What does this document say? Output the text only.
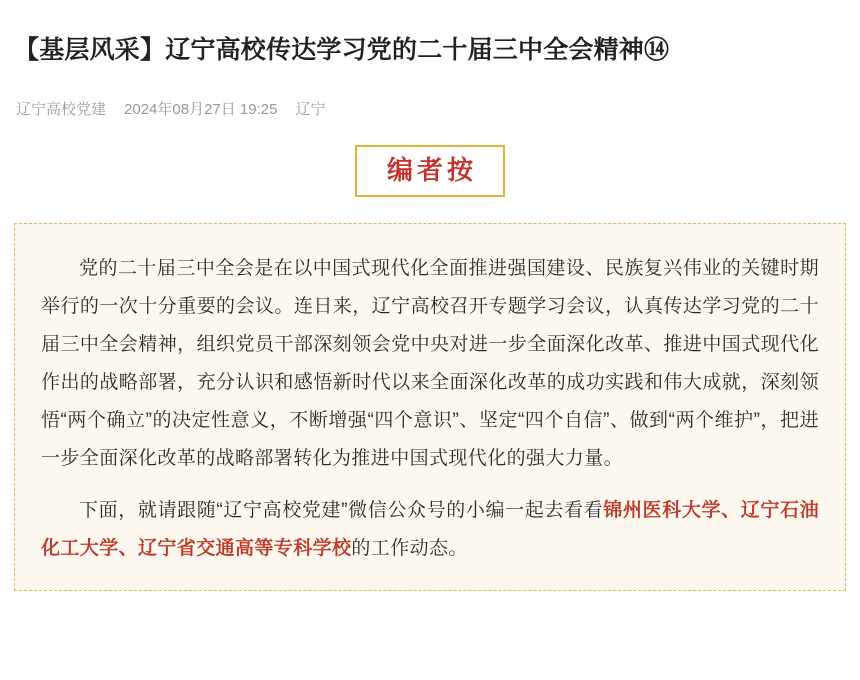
【基层风采】辽宁高校传达学习党的二十届三中全会精神⑭
辽宁高校党建 2024年08月27日 19:25 辽宁
编者按

党的二十届三中全会是在以中国式现代化全面推进强国建设、民族复兴伟业的关键时期举行的一次十分重要的会议。连日来，辽宁高校召开专题学习会议，认真传达学习党的二十届三中全会精神，组织党员干部深刻领会党中央对进一步全面深化改革、推进中国式现代化作出的战略部署，充分认识和感悟新时代以来全面深化改革的成功实践和伟大成就，深刻领悟“两个确立”的决定性意义，不断增强“四个意识”、坚定“四个自信”、做到“两个维护”，把进一步全面深化改革的战略部署转化为推进中国式现代化的强大力量。

下面，就请跟随“辽宁高校党建”微信公众号的小编一起去看看锦州医科大学、辽宁石油化工大学、辽宁省交通高等专科学校的工作动态。
